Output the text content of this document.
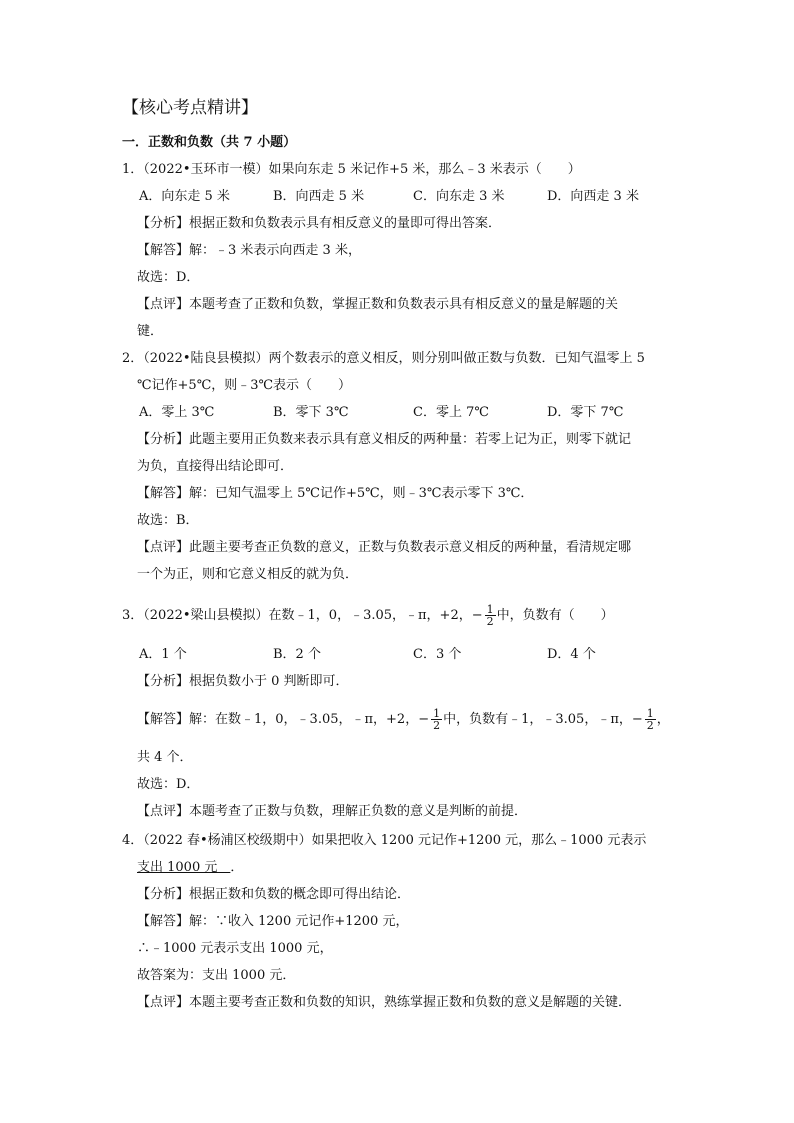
【核心考点精讲】
一．正数和负数（共 7 小题）
1．（2022•玉环市一模）如果向东走 5 米记作+5 米，那么﹣3 米表示（　　）
A．向东走 5 米	B．向西走 5 米	C．向东走 3 米	D．向西走 3 米
【分析】根据正数和负数表示具有相反意义的量即可得出答案．
【解答】解：﹣3 米表示向西走 3 米，
故选：D．
【点评】本题考查了正数和负数，掌握正数和负数表示具有相反意义的量是解题的关
键．
2．（2022•陆良县模拟）两个数表示的意义相反，则分别叫做正数与负数．已知气温零上 5
℃记作+5℃，则﹣3℃表示（　　）
A．零上 3℃	B．零下 3℃	C．零上 7℃	D．零下 7℃
【分析】此题主要用正负数来表示具有意义相反的两种量：若零上记为正，则零下就记
为负，直接得出结论即可．
【解答】解：已知气温零上 5℃记作+5℃，则﹣3℃表示零下 3℃．
故选：B．
【点评】此题主要考查正负数的意义，正数与负数表示意义相反的两种量，看清规定哪
一个为正，则和它意义相反的就为负．
3．（2022•梁山县模拟）在数﹣1，0，﹣3.05，﹣π，+2，− $\frac{1}{2}$ 中，负数有（　　）
A．1 个	B．2 个	C．3 个	D．4 个
【分析】根据负数小于 0 判断即可．
【解答】解：在数﹣1，0，﹣3.05，﹣π，+2，− $\frac{1}{2}$ 中，负数有﹣1，﹣3.05，﹣π，− $\frac{1}{2}$ ，
共 4 个．
故选：D．
【点评】本题考查了正数与负数，理解正负数的意义是判断的前提．
4．（2022 春•杨浦区校级期中）如果把收入 1200 元记作+1200 元，那么﹣1000 元表示
支出 1000 元　．
【分析】根据正数和负数的概念即可得出结论．
【解答】解：∵收入 1200 元记作+1200 元，
∴﹣1000 元表示支出 1000 元，
故答案为：支出 1000 元．
【点评】本题主要考查正数和负数的知识，熟练掌握正数和负数的意义是解题的关键．
